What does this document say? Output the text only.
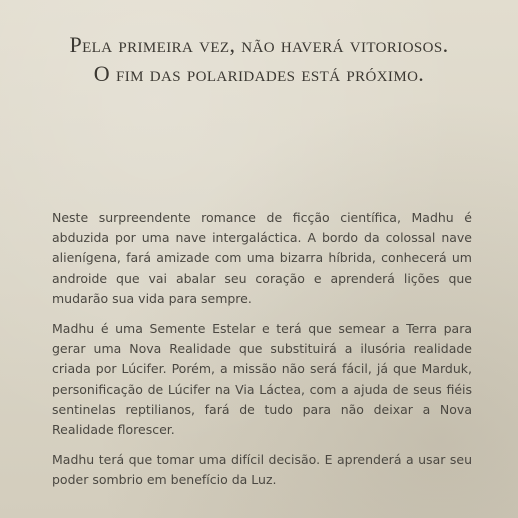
Pela primeira vez, não haverá vitoriosos.
O fim das polaridades está próximo.

Neste surpreendente romance de ficção científica, Madhu é abduzida por uma nave intergaláctica. A bordo da colossal nave alienígena, fará amizade com uma bizarra híbrida, conhecerá um androide que vai abalar seu coração e aprenderá lições que mudarão sua vida para sempre.

Madhu é uma Semente Estelar e terá que semear a Terra para gerar uma Nova Realidade que substituirá a ilusória realidade criada por Lúcifer. Porém, a missão não será fácil, já que Marduk, personificação de Lúcifer na Via Láctea, com a ajuda de seus fiéis sentinelas reptilianos, fará de tudo para não deixar a Nova Realidade florescer.

Madhu terá que tomar uma difícil decisão. E aprenderá a usar seu poder sombrio em benefício da Luz.
